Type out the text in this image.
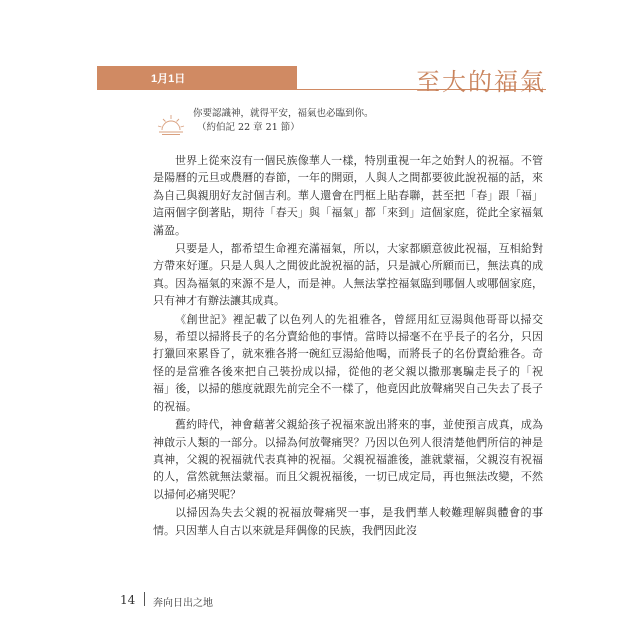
1月1日	至大的福氣
你要認識神，就得平安，福氣也必臨到你。
（約伯記 22 章 21 節）

世界上從來沒有一個民族像華人一樣，特別重視一年之始對人的祝福。不管是陽曆的元旦或農曆的春節，一年的開頭，人與人之間都要彼此說祝福的話，來為自己與親朋好友討個吉利。華人還會在門框上貼春聯，甚至把「春」跟「福」這兩個字倒著貼，期待「春天」與「福氣」都「來到」這個家庭，從此全家福氣滿盈。

只要是人，都希望生命裡充滿福氣，所以，大家都願意彼此祝福，互相給對方帶來好運。只是人與人之間彼此說祝福的話，只是誠心所願而已，無法真的成真。因為福氣的來源不是人，而是神。人無法掌控福氣臨到哪個人或哪個家庭，只有神才有辦法讓其成真。

《創世記》裡記載了以色列人的先祖雅各，曾經用紅豆湯與他哥哥以掃交易，希望以掃將長子的名分賣給他的事情。當時以掃毫不在乎長子的名分，只因打獵回來累昏了，就來雅各將一碗紅豆湯給他喝，而將長子的名份賣給雅各。奇怪的是當雅各後來把自己裝扮成以掃，從他的老父親以撒那裏騙走長子的「祝福」後，以掃的態度就跟先前完全不一樣了，他竟因此放聲痛哭自己失去了長子的祝福。

舊約時代，神會藉著父親給孩子祝福來說出將來的事，並使預言成真，成為神啟示人類的一部分。以掃為何放聲痛哭？乃因以色列人很清楚他們所信的神是真神，父親的祝福就代表真神的祝福。父親祝福誰後，誰就蒙福，父親沒有祝福的人，當然就無法蒙福。而且父親祝福後，一切已成定局，再也無法改變，不然以掃何必痛哭呢？

以掃因為失去父親的祝福放聲痛哭一事，是我們華人較難理解與體會的事情。只因華人自古以來就是拜偶像的民族，我們因此沒

14 奔向日出之地
